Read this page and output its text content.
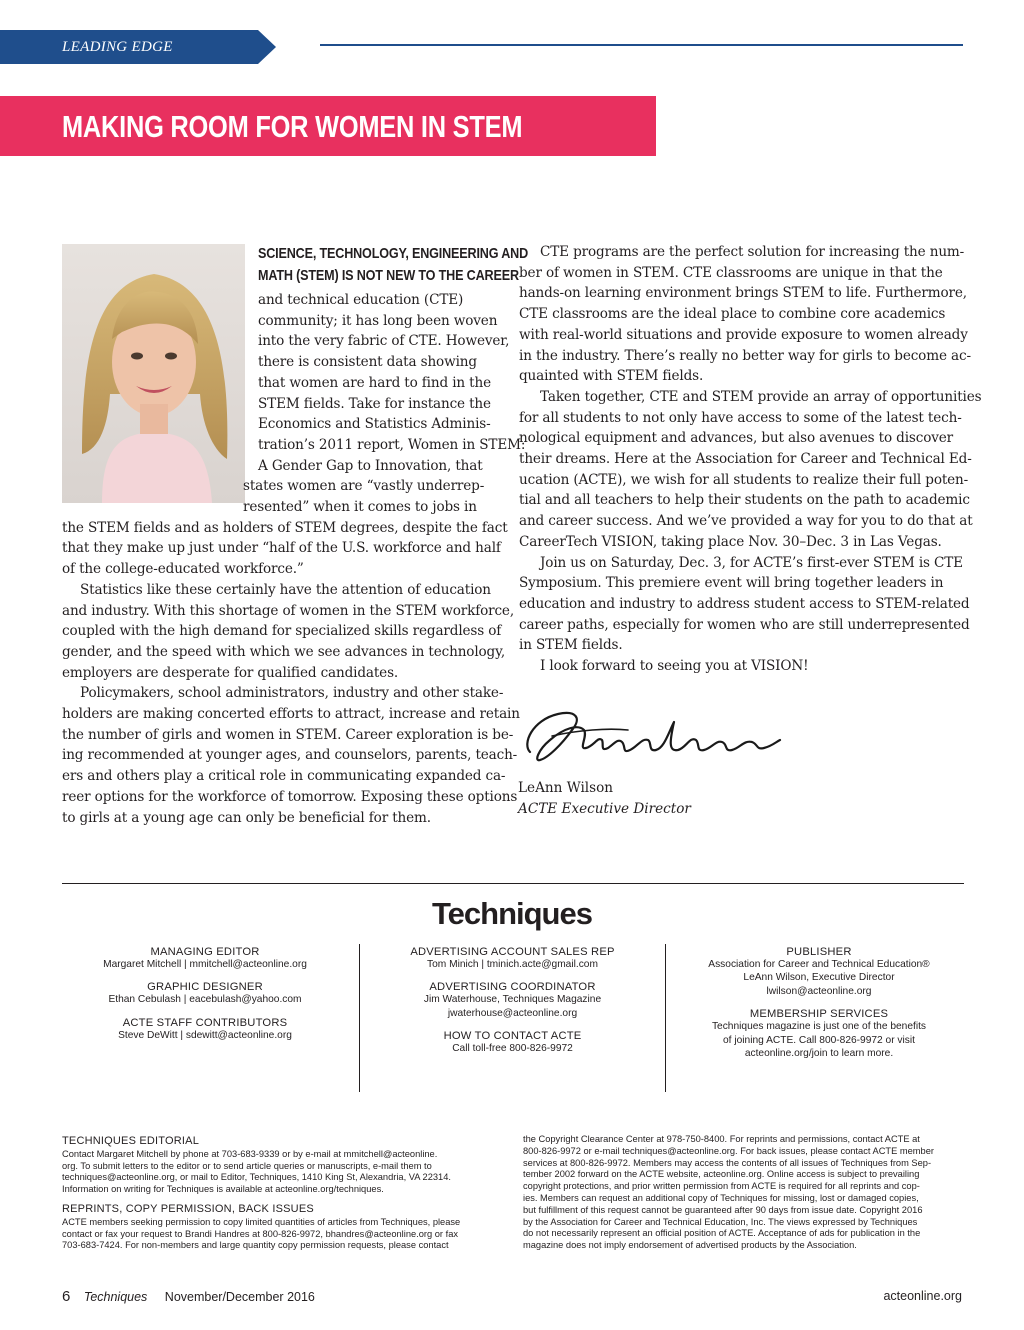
LEADING EDGE
MAKING ROOM FOR WOMEN IN STEM
SCIENCE, TECHNOLOGY, ENGINEERING AND
MATH (STEM) IS NOT NEW TO THE CAREER
and technical education (CTE)
community; it has long been woven
into the very fabric of CTE. However,
there is consistent data showing
that women are hard to find in the
STEM fields. Take for instance the
Economics and Statistics Adminis-
tration’s 2011 report, Women in STEM:
A Gender Gap to Innovation, that
states women are “vastly underrep-
resented” when it comes to jobs in
the STEM fields and as holders of STEM degrees, despite the fact
that they make up just under “half of the U.S. workforce and half
of the college-educated workforce.”
Statistics like these certainly have the attention of education
and industry. With this shortage of women in the STEM workforce,
coupled with the high demand for specialized skills regardless of
gender, and the speed with which we see advances in technology,
employers are desperate for qualified candidates.
Policymakers, school administrators, industry and other stake-
holders are making concerted efforts to attract, increase and retain
the number of girls and women in STEM. Career exploration is be-
ing recommended at younger ages, and counselors, parents, teach-
ers and others play a critical role in communicating expanded ca-
reer options for the workforce of tomorrow. Exposing these options
to girls at a young age can only be beneficial for them.
CTE programs are the perfect solution for increasing the num-
ber of women in STEM. CTE classrooms are unique in that the
hands-on learning environment brings STEM to life. Furthermore,
CTE classrooms are the ideal place to combine core academics
with real-world situations and provide exposure to women already
in the industry. There’s really no better way for girls to become ac-
quainted with STEM fields.
Taken together, CTE and STEM provide an array of opportunities
for all students to not only have access to some of the latest tech-
nological equipment and advances, but also avenues to discover
their dreams. Here at the Association for Career and Technical Ed-
ucation (ACTE), we wish for all students to realize their full poten-
tial and all teachers to help their students on the path to academic
and career success. And we’ve provided a way for you to do that at
CareerTech VISION, taking place Nov. 30–Dec. 3 in Las Vegas.
Join us on Saturday, Dec. 3, for ACTE’s first-ever STEM is CTE
Symposium. This premiere event will bring together leaders in
education and industry to address student access to STEM-related
career paths, especially for women who are still underrepresented
in STEM fields.
I look forward to seeing you at VISION!
LeAnn Wilson
ACTE Executive Director
Techniques
MANAGING EDITOR
Margaret Mitchell | mmitchell@acteonline.org
GRAPHIC DESIGNER
Ethan Cebulash | eacebulash@yahoo.com
ACTE STAFF CONTRIBUTORS
Steve DeWitt | sdewitt@acteonline.org
ADVERTISING ACCOUNT SALES REP
Tom Minich | tminich.acte@gmail.com
ADVERTISING COORDINATOR
Jim Waterhouse, Techniques Magazine
jwaterhouse@acteonline.org
HOW TO CONTACT ACTE
Call toll-free 800-826-9972
PUBLISHER
Association for Career and Technical Education®
LeAnn Wilson, Executive Director
lwilson@acteonline.org
MEMBERSHIP SERVICES
Techniques magazine is just one of the benefits
of joining ACTE. Call 800-826-9972 or visit
acteonline.org/join to learn more.
TECHNIQUES EDITORIAL
Contact Margaret Mitchell by phone at 703-683-9339 or by e-mail at mmitchell@acteonline.
org. To submit letters to the editor or to send article queries or manuscripts, e-mail them to
techniques@acteonline.org, or mail to Editor, Techniques, 1410 King St, Alexandria, VA 22314.
Information on writing for Techniques is available at acteonline.org/techniques.
REPRINTS, COPY PERMISSION, BACK ISSUES
ACTE members seeking permission to copy limited quantities of articles from Techniques, please
contact or fax your request to Brandi Handres at 800-826-9972, bhandres@acteonline.org or fax
703-683-7424. For non-members and large quantity copy permission requests, please contact
the Copyright Clearance Center at 978-750-8400. For reprints and permissions, contact ACTE at
800-826-9972 or e-mail techniques@acteonline.org. For back issues, please contact ACTE member
services at 800-826-9972. Members may access the contents of all issues of Techniques from Sep-
tember 2002 forward on the ACTE website, acteonline.org. Online access is subject to prevailing
copyright protections, and prior written permission from ACTE is required for all reprints and cop-
ies. Members can request an additional copy of Techniques for missing, lost or damaged copies,
but fulfillment of this request cannot be guaranteed after 90 days from issue date. Copyright 2016
by the Association for Career and Technical Education, Inc. The views expressed by Techniques
do not necessarily represent an official position of ACTE. Acceptance of ads for publication in the
magazine does not imply endorsement of advertised products by the Association.
6 Techniques November/December 2016	acteonline.org
